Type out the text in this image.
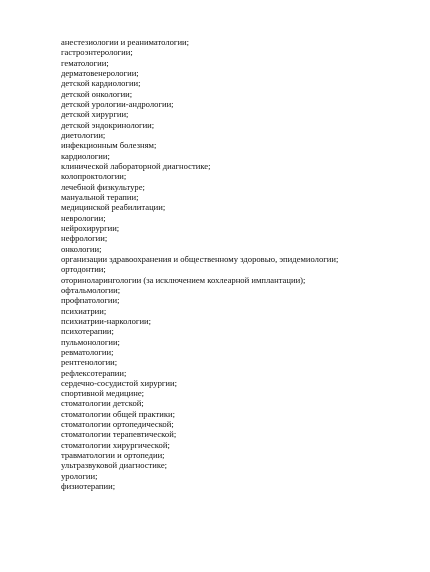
анестезиологии и реаниматологии;
гастроэнтерологии;
гематологии;
дерматовенерологии;
детской кардиологии;
детской онкологии;
детской урологии-андрологии;
детской хирургии;
детской эндокринологии;
диетологии;
инфекционным болезням;
кардиологии;
клинической лабораторной диагностике;
колопроктологии;
лечебной физкультуре;
мануальной терапии;
медицинской реабилитации;
неврологии;
нейрохирургии;
нефрологии;
онкологии;
организации здравоохранения и общественному здоровью, эпидемиологии;
ортодонтии;
оториноларингологии (за исключением кохлеарной имплантации);
офтальмологии;
профпатологии;
психиатрии;
психиатрии-наркологии;
психотерапии;
пульмонологии;
ревматологии;
рентгенологии;
рефлексотерапии;
сердечно-сосудистой хирургии;
спортивной медицине;
стоматологии детской;
стоматологии общей практики;
стоматологии ортопедической;
стоматологии терапевтической;
стоматологии хирургической;
травматологии и ортопедии;
ультразвуковой диагностике;
урологии;
физиотерапии;
